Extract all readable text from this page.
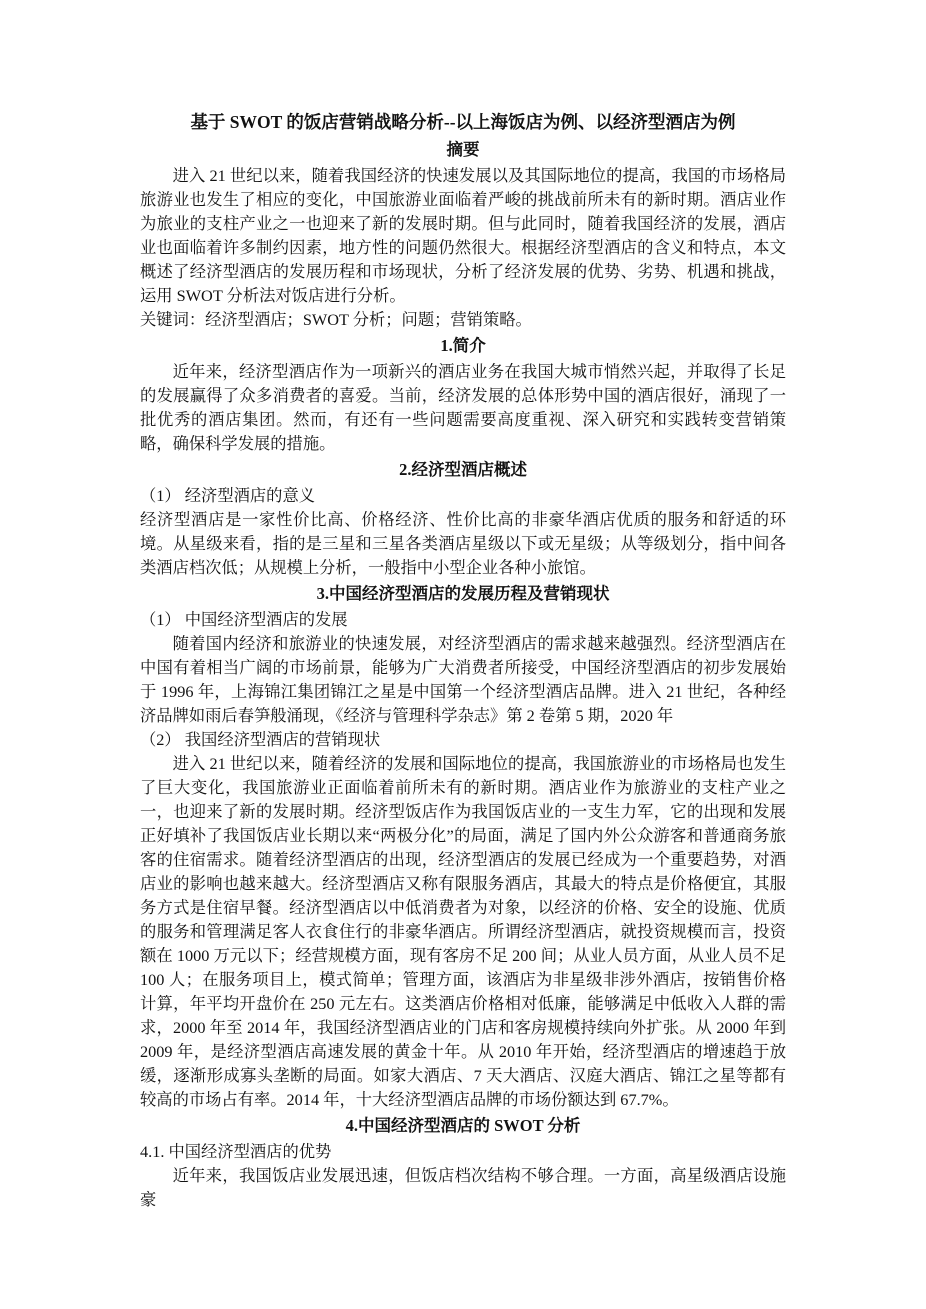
基于 SWOT 的饭店营销战略分析--以上海饭店为例、以经济型酒店为例
摘要

进入 21 世纪以来，随着我国经济的快速发展以及其国际地位的提高，我国的市场格局旅游业也发生了相应的变化，中国旅游业面临着严峻的挑战前所未有的新时期。酒店业作为旅业的支柱产业之一也迎来了新的发展时期。但与此同时，随着我国经济的发展，酒店业也面临着许多制约因素，地方性的问题仍然很大。根据经济型酒店的含义和特点，本文概述了经济型酒店的发展历程和市场现状，分析了经济发展的优势、劣势、机遇和挑战，运用 SWOT 分析法对饭店进行分析。

关键词：经济型酒店；SWOT 分析；问题；营销策略。

1.简介

近年来，经济型酒店作为一项新兴的酒店业务在我国大城市悄然兴起，并取得了长足的发展赢得了众多消费者的喜爱。当前，经济发展的总体形势中国的酒店很好，涌现了一批优秀的酒店集团。然而，有还有一些问题需要高度重视、深入研究和实践转变营销策略，确保科学发展的措施。

2.经济型酒店概述

（1） 经济型酒店的意义

经济型酒店是一家性价比高、价格经济、性价比高的非豪华酒店优质的服务和舒适的环境。从星级来看，指的是三星和三星各类酒店星级以下或无星级；从等级划分，指中间各类酒店档次低；从规模上分析，一般指中小型企业各种小旅馆。

3.中国经济型酒店的发展历程及营销现状

（1） 中国经济型酒店的发展

随着国内经济和旅游业的快速发展，对经济型酒店的需求越来越强烈。经济型酒店在中国有着相当广阔的市场前景，能够为广大消费者所接受，中国经济型酒店的初步发展始于 1996 年，上海锦江集团锦江之星是中国第一个经济型酒店品牌。进入 21 世纪，各种经济品牌如雨后春笋般涌现，《经济与管理科学杂志》第 2 卷第 5 期，2020 年

（2） 我国经济型酒店的营销现状

进入 21 世纪以来，随着经济的发展和国际地位的提高，我国旅游业的市场格局也发生了巨大变化，我国旅游业正面临着前所未有的新时期。酒店业作为旅游业的支柱产业之一，也迎来了新的发展时期。经济型饭店作为我国饭店业的一支生力军，它的出现和发展正好填补了我国饭店业长期以来“两极分化”的局面，满足了国内外公众游客和普通商务旅客的住宿需求。随着经济型酒店的出现，经济型酒店的发展已经成为一个重要趋势，对酒店业的影响也越来越大。经济型酒店又称有限服务酒店，其最大的特点是价格便宜，其服务方式是住宿早餐。经济型酒店以中低消费者为对象，以经济的价格、安全的设施、优质的服务和管理满足客人衣食住行的非豪华酒店。所谓经济型酒店，就投资规模而言，投资额在 1000 万元以下；经营规模方面，现有客房不足 200 间；从业人员方面，从业人员不足 100 人；在服务项目上，模式简单；管理方面，该酒店为非星级非涉外酒店，按销售价格计算，年平均开盘价在 250 元左右。这类酒店价格相对低廉，能够满足中低收入人群的需求，2000 年至 2014 年，我国经济型酒店业的门店和客房规模持续向外扩张。从 2000 年到 2009 年，是经济型酒店高速发展的黄金十年。从 2010 年开始，经济型酒店的增速趋于放缓，逐渐形成寡头垄断的局面。如家大酒店、7 天大酒店、汉庭大酒店、锦江之星等都有较高的市场占有率。2014 年，十大经济型酒店品牌的市场份额达到 67.7%。

4.中国经济型酒店的 SWOT 分析

4.1. 中国经济型酒店的优势

近年来，我国饭店业发展迅速，但饭店档次结构不够合理。一方面，高星级酒店设施豪
